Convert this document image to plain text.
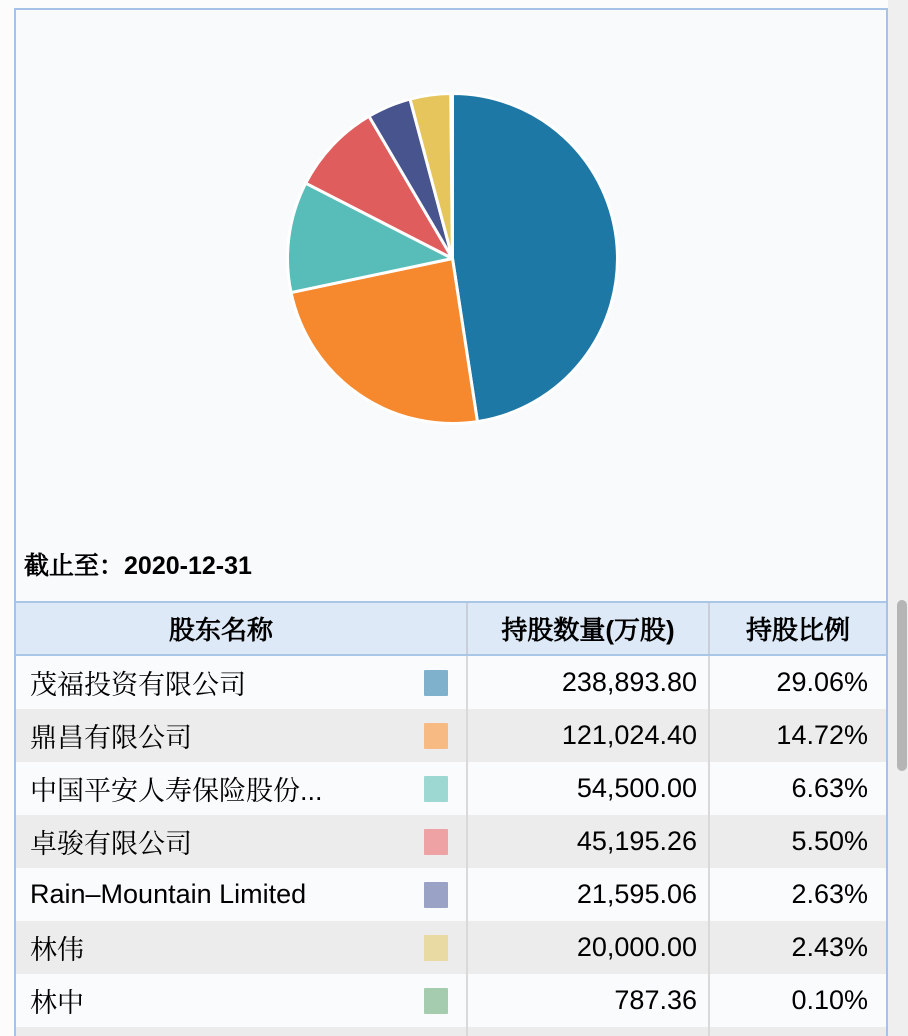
截止至：2020-12-31
股东名称	持股数量(万股)	持股比例
茂福投资有限公司	238,893.80	29.06%
鼎昌有限公司	121,024.40	14.72%
中国平安人寿保险股份...	54,500.00	6.63%
卓骏有限公司	45,195.26	5.50%
Rain–Mountain Limited	21,595.06	2.63%
林伟	20,000.00	2.43%
林中	787.36	0.10%
